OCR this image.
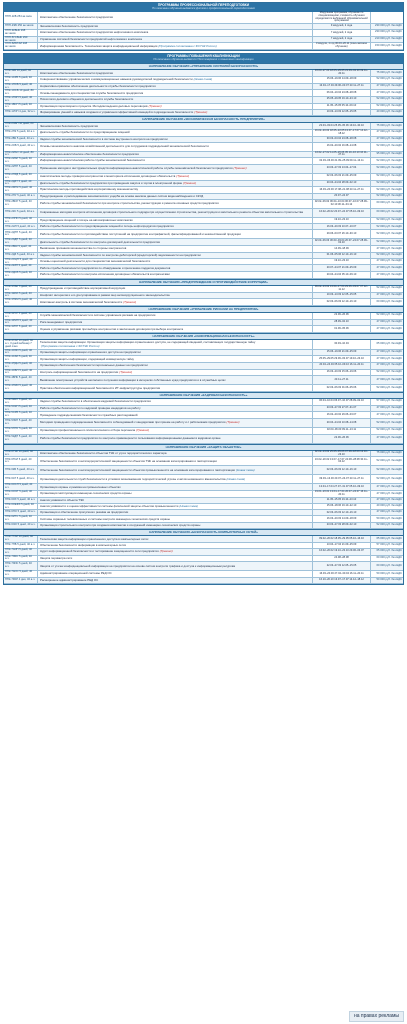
ПРОГРАММЫ ПРОФЕССИОНАЛЬНОЙ ПЕРЕПОДГОТОВКИ
По окончании обучения выдается Диплом о профессиональной переподготовке
ППП-1КБ 254 ак.часа	Комплексное обеспечение безопасности предприятия
Модульная программа, обучение по специализациям, стоимость обучения определяется выбранной образовательной программой
ППП-2ЭБ 250 ак.часов	Экономическая безопасность предприятия	9 модулей, 2 года	230 000 руб. без НДС
ППП-3КБНК 298 ак.часов	Комплексное обеспечение безопасности предприятия нефтегазового комплекса	7 модулей, 2 года	230 000 руб. без НДС
ППП-5УСБНК 290 ак.часов	Управление системой безопасности предприятий нефтегазового комплекса	7 модулей, 2 года	210 000 руб. без НДС
ППП-5ИБТЗИ 308 ак.часов	Информационная безопасность. Техническая защита конфиденциальной информации (Программа согласована с ФСТЭК России)	3 модуля, 1 год 30.03–20.11 (очно-заочное обучение)	150 000 руб. без НДС
ПРОГРАММЫ ПОВЫШЕНИЯ КВАЛИФИКАЦИИ
По окончании обучения выдается Удостоверение о повышении квалификации
НАПРАВЛЕНИЕ ОБУЧЕНИЯ «УПРАВЛЕНИЕ СИСТЕМОЙ БЕЗОПАСНОСТИ»
ППК-1КБ 10 дней, 80 а.ч.	Комплексное обеспечение безопасности предприятия	16.03–27.03 18.05–29.05 21.09–02.10 09.11–20.11	75 000 руб. без НДС
ППК-1СРБ 5 дней, 40 а.ч.	Совершенствование управленческих и коммуникационных навыков руководителей подразделений безопасности (Новая тема)	15.06–19.06 14.09–18.09	52 000 руб. без НДС
ППК-1ПОБ 5 дней, 40 а.ч.	Нормативно-правовое обеспечение деятельности службы безопасности предприятия	13.04–17.04 29.06–03.07 23.11–27.11	47 000 руб. без НДС
ППК-1ОСБ 10 дней, 80 а.ч.	Основы менеджмента для специалистов службы безопасности предприятия	06.04–10.04 24.08–28.08	47 000 руб. без НДС
ППК-1ПЭП 5 дней, 40 а.ч.	Психология делового общения в деятельности службы безопасности	25.05–29.05 19.10–23.10	52 000 руб. без НДС
ППК-1ВСП 5 дней, 40 а.ч.	Организация переговорного процесса. Методики ведения деловых переговоров (Тренинг)	11.05–15.05 05.10–09.10	52 000 руб. без НДС
ППК-1УОП 4 дня, 32 а.ч.	Формирование умений и навыков создания и управления эффективной командой в подразделении безопасности (Тренинг)	10.03–13.03 12.05–15.05	40 000 руб. без НДС
НАПРАВЛЕНИЕ ОБУЧЕНИЯ «ЭКОНОМИЧЕСКАЯ БЕЗОПАСНОСТЬ ПРЕДПРИЯТИЯ»
ППК-2ЭБП 10 дней, 80 а.ч.	Экономическая безопасность предприятия	23.03–03.04 25.05–05.06 19.10–30.10	75 000 руб. без НДС
ППК-2ПК 5 дней, 40 а.ч.	Деятельность службы безопасности по предотвращению хищений	16.02–20.02 18.05–22.05 13.07–17.07 14.12–18.12	47 000 руб. без НДС
ППК-2ВК 5 дней, 40 а.ч.	Задачи службы экономической безопасности в системе внутреннего контроля на предприятии	30.03–03.04 24.08–28.08	47 000 руб. без НДС
ППК-2ОБ 5 дней, 40 а.ч.	Основы экономического анализа хозяйственной деятельности для сотрудников подразделений экономической безопасности	16.02–20.02 16.08–14.08	52 000 руб. без НДС
ППК-2ИАО 10 дней, 80 а.ч.	Информационно-аналитическое обеспечение безопасности предприятия	16.02–27.02 11.05–26.06 05.10–16.10 16.11–27.11	95 000 руб. без НДС
ППК-2ИАР 5 дней, 40 а.ч.	Информационно-аналитическая работа службы экономической безопасности	02.03–06.03 21.09–25.09 09.11–13.11	52 000 руб. без НДС
ППК-2ИТР 5 дней, 40 а.ч.	Применение методик и инструментальных средств информационно-аналитической работы службы экономической безопасности предприятия (Тренинг)	23.03–27.03 13.04–17.04	52 000 руб. без НДС
ППК-2ПРД 5 дней, 40 а.ч.	Аналитические методы проверки контрагентов и мониторинга исполнения договорных обязательств (Тренинг)	02.03–06.03 21.09–25.09	52 000 руб. без НДС
ППК-2ДЗТ 5 дней, 40 а.ч.	Деятельность службы безопасности предприятия при проведении закупок и торгов в электронной форме (Тренинг)	20.04–24.04 28.09–02.10	52 000 руб. без НДС
ППК-2МПК 5 дней, 40 а.ч.	Практические методы противодействия корпоративному мошенничеству	16.03–20.03 17.08–21.08 23.11–27.11	52 000 руб. без НДС
ППК-2ПУ 5 дней, 40 а.ч.	Предупреждение и расследование экономического ущерба на основе анализа данных систем видеонаблюдения и СКУД	20.07–24.07	52 000 руб. без НДС
ППК-2ВСР 5 дней, 40 а.ч.	Работа службы экономической безопасности при контроле строительства, реконструкции и ремонта основных средств предприятия	02.02–06.02 06.04–10.04 06.07–10.07 28.09–02.10 30.11–04.12	60 000 руб. без НДС
ППК-2КС 5 дней, 40 а.ч.	Современные методики контроля исполнения договоров строительного подряда при осуществлении строительства, реконструкции и капитального ремонта объектов капитального строительства	16.02–20.02 20.07–24.07 05.10–09.10	60 000 руб. без НДС
ППК-2ЛПИ 5 дней, 40 а.ч.	Предотвращение хищений и потерь на автозаправочных комплексах	19.10–23.10	52 000 руб. без НДС
ППК-2НП 5 дней, 40 а.ч.	Работа службы безопасности по предотвращению хищений и потерь нефтепродуктов предприятия	16.03–20.03 10.07–10.07	52 000 руб. без НДС
ППК-2ДТП 5 дней, 40 а.ч.	Работа службы безопасности по противодействию поступлений на предприятие контрафактной, фальсифицированной и некачественной продукции	29.06–03.07 26.10–30.10	52 000 руб. без НДС
ППК-2ЗДП 5 дней, 40 а.ч.	Деятельность службы безопасности по контролю договорной деятельности предприятия	02.03–06.03 30.03–03.04 20.07–24.07 28.09–02.10	52 000 руб. без НДС
ППК-2ВКК 5 дней, 40 а.ч.	Выявление признаков мошенничества со стороны контрагентов	14.09–18.09	47 000 руб. без НДС
ППК-2ДЗ 5 дней, 40 а.ч.	Задачи службы экономической безопасности по контролю дебиторской (кредиторской) задолженности на предприятии	01.06–05.06 12.10–16.10	52 000 руб. без НДС
ППК-2ОЦП 5 дней, 40 а.ч.	Основы оценочной деятельности для специалистов экономической безопасности	19.10–23.10	47 000 руб. без НДС
ППК-2КЗП 5 дней, 40 а.ч.	Работа службы безопасности предприятия по обнаружению и пресечению подделок документов	20.07–24.07 21.09–25.09	47 000 руб. без НДС
ППК-2ДСБ 5 дней, 40 а.ч.	Работа службы безопасности по контролю исполнения договорных обязательств контрагентами	20.04–24.04 05.10–09.10	47 000 руб. без НДС
НАПРАВЛЕНИЕ ОБУЧЕНИЯ «ПРЕДУПРЕЖДЕНИЕ И ПРОТИВОДЕЙСТВИЕ КОРРУПЦИИ»
ППК-3ПБК 5 дней, 40 а.ч.	Предупреждение и противодействие корпоративной коррупции	09.02–13.02 13.04–17.04 29.06–03.07 07.12–11.12	52 000 руб. без НДС
ППК-3КИИ 5 дней, 40 а.ч.	Конфликт интересов и его урегулирование в рамках мер антикоррупционного законодательства	10.03–13.03 12.05–15.05	47 000 руб. без НДС
ППК-3ПКМ 5 дней, 40 а.ч.	Комплаенс-контроль в системе экономической безопасности (Тренинг)	02.03–06.03 12.10–16.10	60 000 руб. без НДС
НАПРАВЛЕНИЕ ОБУЧЕНИЯ «УПРАВЛЕНИЕ РИСКАМИ НА ПРЕДПРИЯТИИ»
ППК-3РУР 5 дней, 40 а.ч.	Служба экономической безопасности в системе управления рисками на предприятии	22.06–26.06	52 000 руб. без НДС
ППК-3РМП 5 дней, 40 а.ч.	Риск-менеджмент предприятия	28.09–02.10	47 000 руб. без НДС
ППК-3УРР 5 дней, 40 а.ч.	Оценка и управление рисками при выборе контрагентов и заключении договоров при выборе контрагента	01.06–05.06	47 000 руб. без НДС
НАПРАВЛЕНИЕ ОБУЧЕНИЯ «ИНФОРМАЦИОННАЯ БЕЗОПАСНОСТЬ»
ППК-4ТЗИ 10 дней, 80 а.ч. 3 дней вебинар 7 дней очно
Техническая защита информации. Организация защиты информации ограниченного доступа, не содержащей сведений, составляющих государственную тайну
(Программа согласована с ФСТЭК России)
30.03–10.04	65 000 руб. без НДС
ППК-4ОЗИ 5 дней, 40 а.ч.	Организация защиты информации ограниченного доступа на предприятии	15.06–19.06 21.09–25.09	47 000 руб. без НДС
ППК-4СЗИ 5 дней, 40 а.ч.	Организация защиты информации, содержащей коммерческую тайну	25.05–29.05 29.06–03.07 19.10–23.10	47 000 руб. без НДС
ППК-4ПДН 5 дней, 40 а.ч.	Организация обеспечения безопасности персональных данных на предприятии	20.04–24.04 05.10–09.10 16.11–20.11	47 000 руб. без НДС
ППК-4ОБП 5 дней, 40 а.ч.	Контроль информационной безопасности на предприятии (Тренинг)	16.03–20.03 15.06–19.06	52 000 руб. без НДС
ППК-4ВПК 5 дней, 40 а.ч.	Выявление электронных устройств негласного получения информации в интересах собственных нужд предприятия и в служебных целях	23.11–27.11	47 000 руб. без НДС
ППК-4ПИИ 5 дней, 40 а.ч.	Практика обеспечения информационной безопасности ИТ-инфраструктуры предприятия	02.03–06.03 01.06–05.06	52 000 руб. без НДС
НАПРАВЛЕНИЕ ОБУЧЕНИЯ «КАДРОВАЯ БЕЗОПАСНОСТЬ»
ППК-5КБП 5 дней, 40 а.ч.	Задачи службы безопасности в обеспечении кадровой безопасности предприятия	06.04–10.04 06.07–10.07 28.09–02.10	57 000 руб. без НДС
ППК-5ОКП 5 дней, 40 а.ч.	Работа службы безопасности по кадровой проверке кандидатов на работу	23.03–27.03 27.07–31.07	47 000 руб. без НДС
ППК-5СРБ 5 дней, 40 а.ч.	Проведение подразделениями безопасности служебных расследований	16.02–20.02 29.06–03.07	47 000 руб. без НДС
ППК-5ЛКП 5 дней, 40 а.ч.	Методики проведения подразделением безопасности собеседований с кандидатами при приеме на работу и с работниками предприятия (Тренинг)	20.04–24.04 10.08–14.08	52 000 руб. без НДС
ППК-5ППУ 5 дней, 40 а.ч.	Организация профессионального психологического отбора персонала (Тренинг)	02.03–06.03 09.11–13.11	52 000 руб. без НДС
ППК-5КДП 5 дней, 40 а.ч.	Работа службы безопасности предприятия по контролю правомерности пользования информационными данными в кадровом органе	22.06–26.06	47 000 руб. без НДС
НАПРАВЛЕНИЕ ОБУЧЕНИЯ «ЗАЩИТА ОБЪЕКТОВ»
ППК-6ТЭК 10 дней, 80 а.ч.	Комплексное обеспечение безопасности объектов ТЭК от угроз террористического характера	02.02–13.02 25.05–05.06 07.09–18.09 12.10–23.10	75 000 руб. без НДС
ППК-6ТКИ 5 дней, 40 а.ч.	Обеспечение безопасности и антитеррористической защищенности объектов ТЭК на основании категорирования и паспортизации	16.02–20.02 13.07–17.07 24.08–28.08 30.11–04.12	52 000 руб. без НДС
ППК-6КБ 5 дней, 40 а.ч.	Обеспечение безопасности и антитеррористической защищенности объектов промышленности на основании категорирования и паспортизации (Новая тема)	02.03–06.03 12.10–16.10	52 000 руб. без НДС
ППК-6АТ 5 дней, 40 а.ч.	Организация деятельности служб безопасности в условиях возникновения террористической угрозы и актов незаконного вмешательства (Новая тема)	09.03–13.03 20.07–24.07 23.11–27.11	52 000 руб. без НДС
ППК-6ОСП 5 дней, 40 а.ч.	Организация охраны и режима на промышленных объектах	13.04–17.04 27.07–31.07 05.10–09.10	47 000 руб. без НДС
ППК-6ОЭТ 5 дней, 40 а.ч.	Организация эксплуатации инженерно-технических средств охраны	19.01–23.01 13.04–17.04 20.07–24.07 16.11–20.11	47 000 руб. без НДС
ППК-6ОХ 5 дней, 40 а.ч.	Анализ уязвимости объекта ТЭК	11.05–15.05 19.10–23.10	47 000 руб. без НДС
ППК-6ОЕФЗ 5 дней, 40 а.ч.	Анализ уязвимости и оценка эффективности системы физической защиты объектов промышленности (Новая тема)	15.06–18.06 19.10–22.10	40 000 руб. без НДС
ППК-6ПО 5 дней, 40 а.ч.	Организация и обеспечение пропускного режима на предприятии	02.03–06.03 12.10–16.10	47 000 руб. без НДС
ППК-6ИТС 5 дней, 40 а.ч.	Системы охранных телевизионных и системы контроля инженерно-технических средств охраны	16.03–20.03 14.09–18.09	50 000 руб. без НДС
ППК-6ЭО 5 дней, 40 а.ч.	Организация строительного контроля при создании комплексов и сооружений инженерно-технических средств охраны	23.03–27.03 28.09–02.10	52 000 руб. без НДС
НАПРАВЛЕНИЕ ОБУЧЕНИЯ «БЕЗОПАСНОСТЬ КОМПЬЮТЕРНЫХ СЕТЕЙ»
ППК-7ТЗИ 10 дней, 80 а.ч.	Техническая защита информации ограниченного доступа в компьютерных сетях	09.02–20.02 18.05–29.05 05.10–16.10	65 000 руб. без НДС
ППК-7ПБ 5 дней, 40 а.ч.	Обеспечение безопасности информации в компьютерных сетях	13.04–17.04 21.09–25.09	57 000 руб. без НДС
ППК-7АИП 5 дней, 40 а.ч.	Аудит информационной безопасности и тестирование защищенности сети предприятия (Тренинг)	16.02–20.02 19.10–23.10 29.06–03.07	65 000 руб. без НДС
ППК-7ЗЯС 5 дней, 40 а.ч.	Защита периметра сети	24.08–28.08	60 000 руб. без НДС
ППК-7ЗИС 5 дней, 40 а.ч.	Защита от утечек конфиденциальной информации на предприятии на основе систем контроля трафика и доступа к информационным ресурсам	22.03–27.03 12.05–15.05	60 000 руб. без НДС
ППК-7АОС 5 дней, 40 а.ч.	Администрирование операционной системы РЕД ОС	16.03–20.03 27.04–30.04 16.11–20.11	50 000 руб. без НДС
ППК-7РАР 4 дня, 32 а.ч.	Расширенное администрирование РЕД ОС	16.10–20.10 13.07–17.07 14.12–18.12	50 000 руб. без НДС
на правах рекламы
